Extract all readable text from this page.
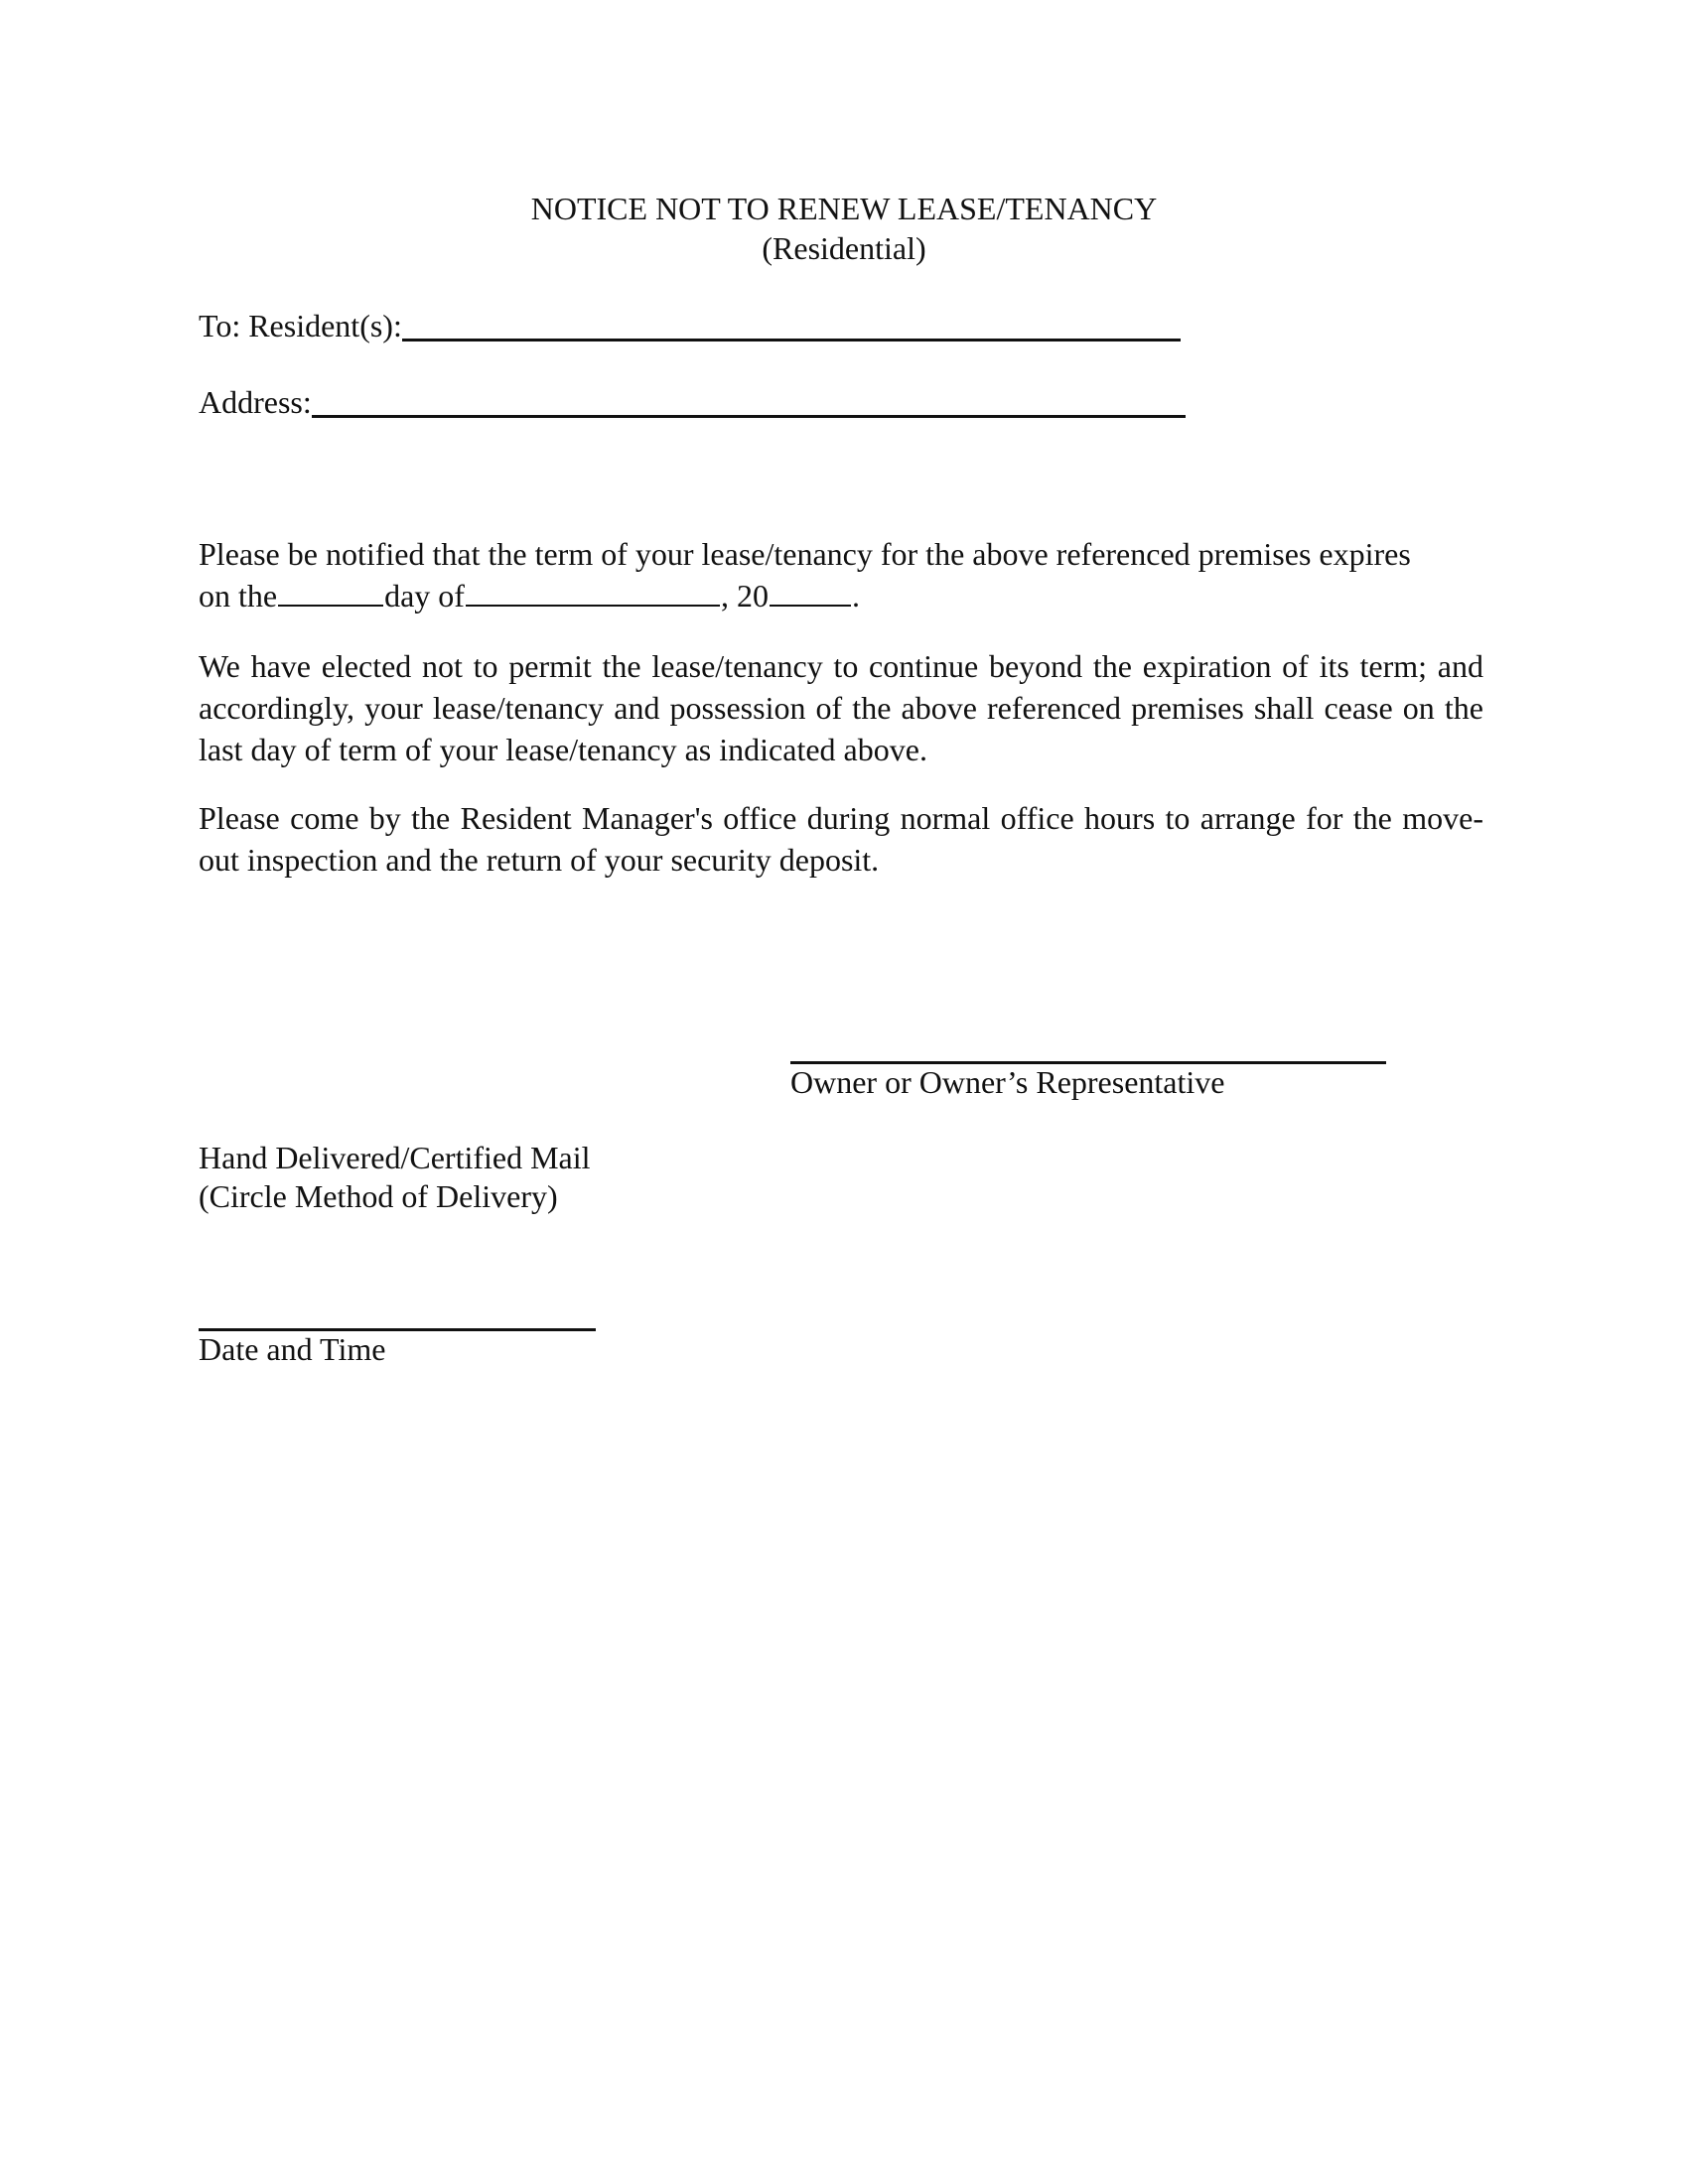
NOTICE NOT TO RENEW LEASE/TENANCY
(Residential)
To: Resident(s):
Address:
Please be notified that the term of your lease/tenancy for the above referenced premises expires
on the	day of	, 20	.
We have elected not to permit the lease/tenancy to continue beyond the expiration of its term; and accordingly, your lease/tenancy and possession of the above referenced premises shall cease on the last day of term of your lease/tenancy as indicated above.
Please come by the Resident Manager's office during normal office hours to arrange for the move-out inspection and the return of your security deposit.
Owner or Owner’s Representative
Hand Delivered/Certified Mail
(Circle Method of Delivery)
Date and Time
